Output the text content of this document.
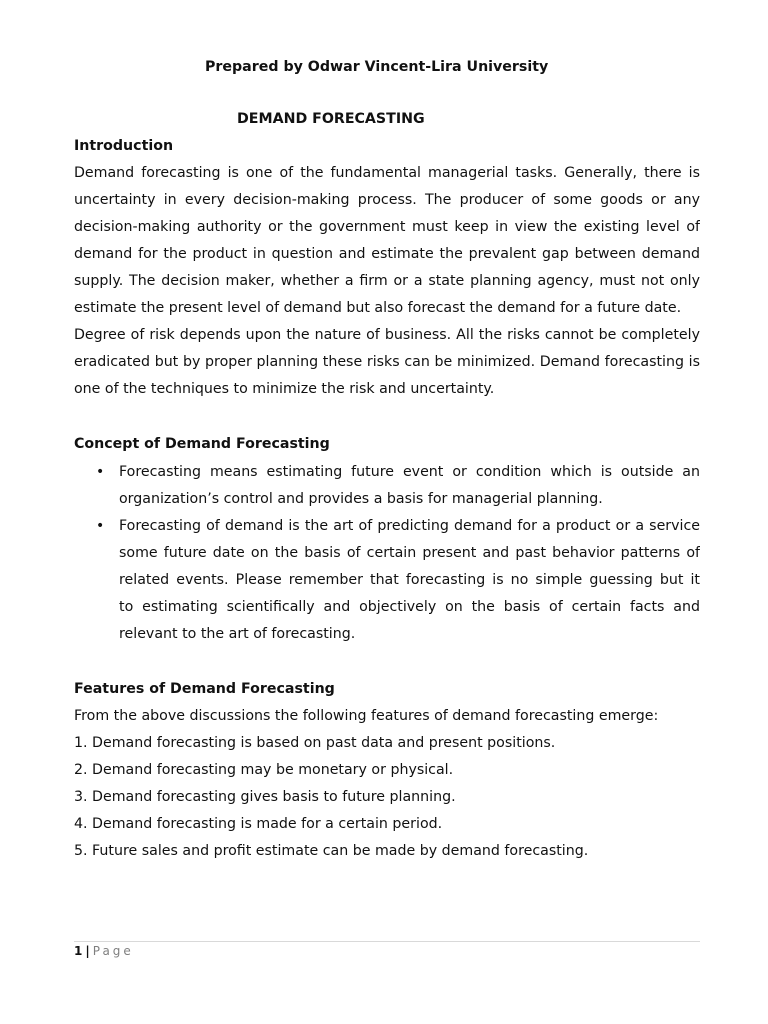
Prepared by Odwar Vincent-Lira University
DEMAND FORECASTING
Introduction
Demand forecasting is one of the fundamental managerial tasks. Generally, there is
uncertainty in every decision-making process. The producer of some goods or any
decision-making authority or the government must keep in view the existing level of
demand for the product in question and estimate the prevalent gap between demand
supply. The decision maker, whether a firm or a state planning agency, must not only
estimate the present level of demand but also forecast the demand for a future date.
Degree of risk depends upon the nature of business. All the risks cannot be completely
eradicated but by proper planning these risks can be minimized. Demand forecasting is
one of the techniques to minimize the risk and uncertainty.
Concept of Demand Forecasting
• Forecasting means estimating future event or condition which is outside an
organization’s control and provides a basis for managerial planning.
• Forecasting of demand is the art of predicting demand for a product or a service
some future date on the basis of certain present and past behavior patterns of
related events. Please remember that forecasting is no simple guessing but it
to estimating scientifically and objectively on the basis of certain facts and
relevant to the art of forecasting.
Features of Demand Forecasting
From the above discussions the following features of demand forecasting emerge:
1. Demand forecasting is based on past data and present positions.
2. Demand forecasting may be monetary or physical.
3. Demand forecasting gives basis to future planning.
4. Demand forecasting is made for a certain period.
5. Future sales and profit estimate can be made by demand forecasting.
1 | Page
